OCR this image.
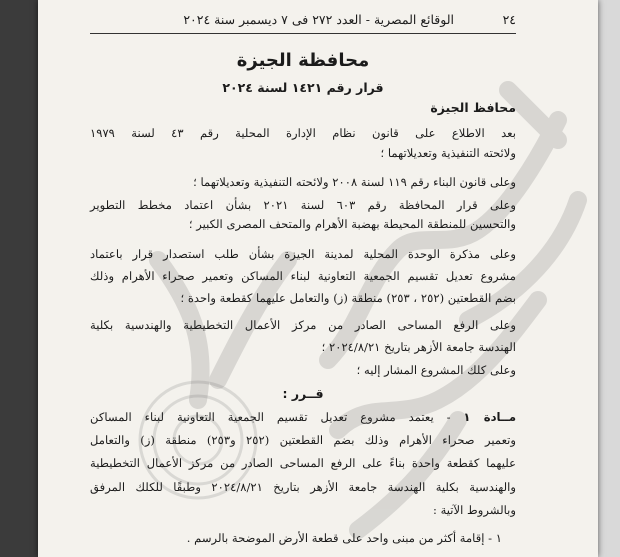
٢٤
الوقائع المصرية - العدد ٢٧٢ فى ٧ ديسمبر سنة ٢٠٢٤
محافظة الجيزة
قرار رقم ١٤٢١ لسنة ٢٠٢٤
محافظ الجيزة
بعد الاطلاع على قانون نظام الإدارة المحلية رقم ٤٣ لسنة ١٩٧٩
ولائحته التنفيذية وتعديلاتهما ؛
وعلى قانون البناء رقم ١١٩ لسنة ٢٠٠٨ ولائحته التنفيذية وتعديلاتهما ؛
وعلى قرار المحافظة رقم ٦٠٣ لسنة ٢٠٢١ بشأن اعتماد مخطط التطوير
والتحسين للمنطقة المحيطة بهضبة الأهرام والمتحف المصرى الكبير ؛
وعلى مذكرة الوحدة المحلية لمدينة الجيزة بشأن طلب استصدار قرار باعتماد
مشروع تعديل تقسيم الجمعية التعاونية لبناء المساكن وتعمير صحراء الأهرام وذلك
بضم القطعتين (٢٥٢ ، ٢٥٣) منطقة (ز) والتعامل عليهما كقطعة واحدة ؛
وعلى الرفع المساحى الصادر من مركز الأعمال التخطيطية والهندسية بكلية
الهندسة جامعة الأزهر بتاريخ ٢٠٢٤/٨/٢١ ؛
وعلى كلك المشروع المشار إليه ؛
قــرر :
مــادة ١ - يعتمد مشروع تعديل تقسيم الجمعية التعاونية لبناء المساكن
وتعمير صحراء الأهرام وذلك بضم القطعتين (٢٥٢ و٢٥٣) منطقة (ز) والتعامل
عليهما كقطعة واحدة بناءً على الرفع المساحى الصادر من مركز الأعمال التخطيطية
والهندسية بكلية الهندسة جامعة الأزهر بتاريخ ٢٠٢٤/٨/٢١ وطبقًا للكلك المرفق
وبالشروط الآتية :
١ - إقامة أكثر من مبنى واحد على قطعة الأرض الموضحة بالرسم .
